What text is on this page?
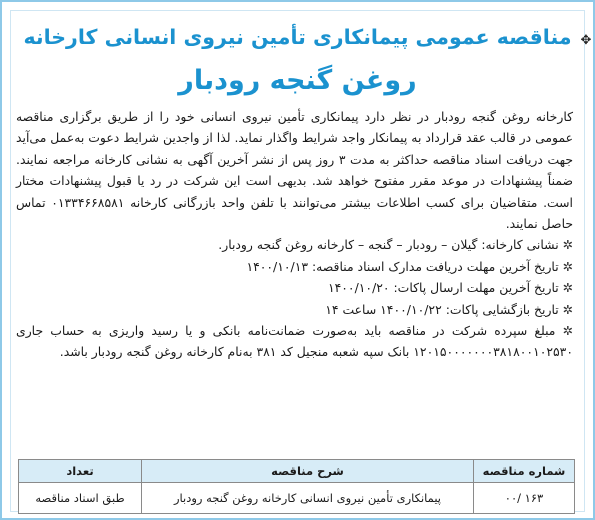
✥
مناقصه عمومی پیمانکاری تأمین نیروی انسانی کارخانه
روغن گنجه رودبار

کارخانه روغن گنجه رودبار در نظر دارد پیمانکاری تأمین نیروی انسانی خود را از طریق برگزاری مناقصه عمومی در قالب عقد قرارداد به پیمانکار واجد شرایط واگذار نماید. لذا از واجدین شرایط دعوت به‌عمل می‌آید جهت دریافت اسناد مناقصه حداکثر به مدت ۳ روز پس از نشر آخرین آگهی به نشانی کارخانه مراجعه نمایند. ضمناً پیشنهادات در موعد مقرر مفتوح خواهد شد. بدیهی است این شرکت در رد یا قبول پیشنهادات مختار است. متقاضیان برای کسب اطلاعات بیشتر می‌توانند با تلفن واحد بازرگانی کارخانه ۰۱۳۳۴۶۶۸۵۸۱ تماس حاصل نمایند.

✲ نشانی کارخانه: گیلان – رودبار – گنجه – کارخانه روغن گنجه رودبار.
✲ تاریخ آخرین مهلت دریافت مدارک اسناد مناقصه: ۱۴۰۰/۱۰/۱۳
✲ تاریخ آخرین مهلت ارسال پاکات: ۱۴۰۰/۱۰/۲۰
✲ تاریخ بازگشایی پاکات: ۱۴۰۰/۱۰/۲۲ ساعت ۱۴
✲ مبلغ سپرده شرکت در مناقصه باید به‌صورت ضمانت‌نامه بانکی و یا رسید واریزی به حساب جاری ۱۲۰۱۵۰۰۰۰۰۰۰۳۸۱۸۰۰۱۰۲۵۳۰ بانک سپه شعبه منجیل کد ۳۸۱ به‌نام کارخانه روغن گنجه رودبار باشد.
شماره مناقصه	شرح مناقصه	تعداد
۱۶۳ /۰۰	پیمانکاری تأمین نیروی انسانی کارخانه روغن گنجه رودبار	طبق اسناد مناقصه
